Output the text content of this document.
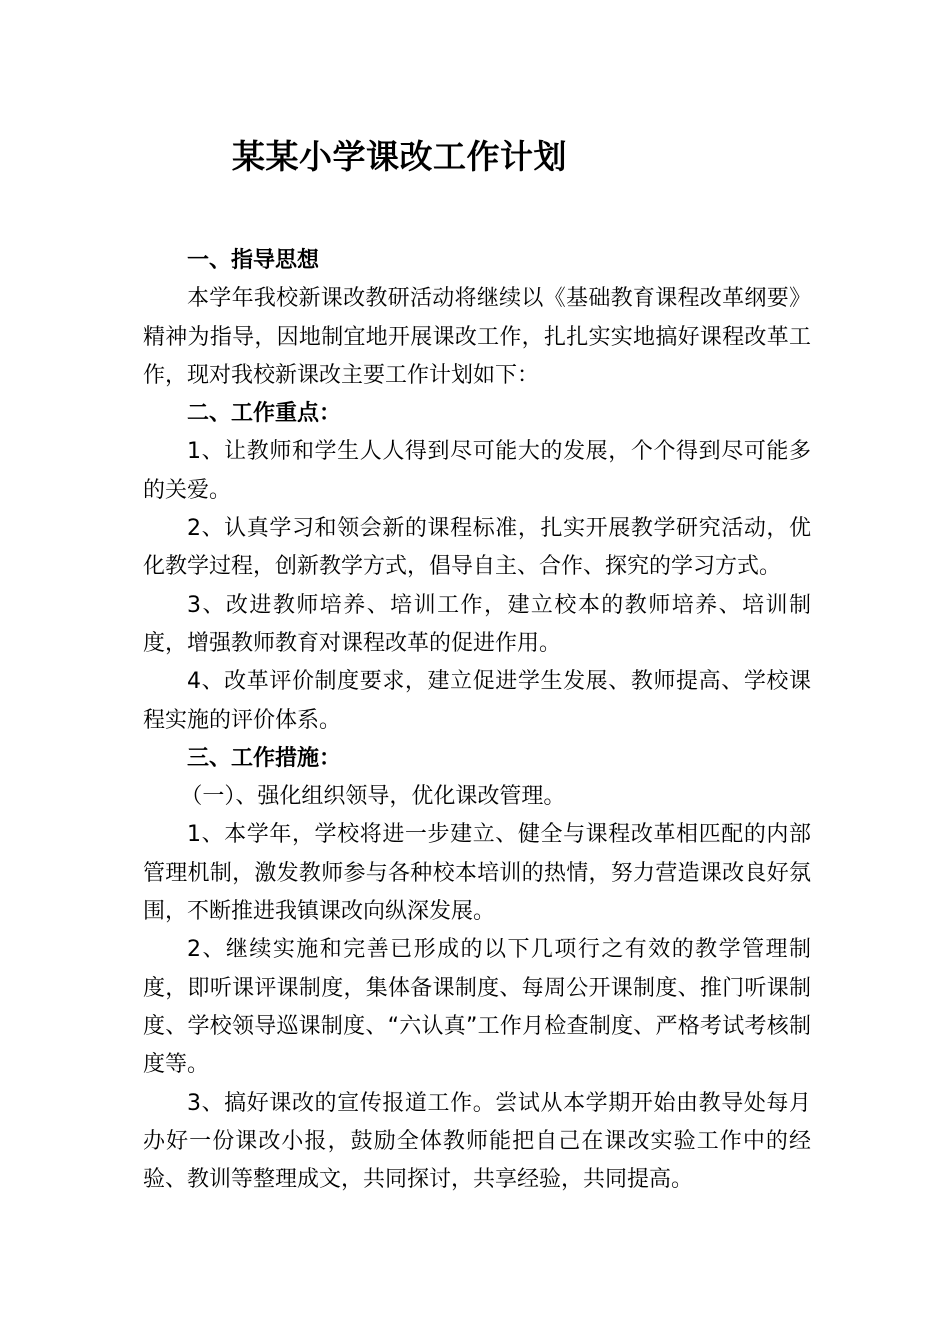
某某小学课改工作计划

一、指导思想

本学年我校新课改教研活动将继续以《基础教育课程改革纲要》精神为指导，因地制宜地开展课改工作，扎扎实实地搞好课程改革工作，现对我校新课改主要工作计划如下：

二、工作重点：

1、让教师和学生人人得到尽可能大的发展，个个得到尽可能多的关爱。

2、认真学习和领会新的课程标准，扎实开展教学研究活动，优化教学过程，创新教学方式，倡导自主、合作、探究的学习方式。

3、改进教师培养、培训工作，建立校本的教师培养、培训制度，增强教师教育对课程改革的促进作用。

4、改革评价制度要求，建立促进学生发展、教师提高、学校课程实施的评价体系。

三、工作措施：

（一）、强化组织领导，优化课改管理。

1、本学年，学校将进一步建立、健全与课程改革相匹配的内部管理机制，激发教师参与各种校本培训的热情，努力营造课改良好氛围，不断推进我镇课改向纵深发展。

2、继续实施和完善已形成的以下几项行之有效的教学管理制度，即听课评课制度，集体备课制度、每周公开课制度、推门听课制度、学校领导巡课制度、“六认真”工作月检查制度、严格考试考核制度等。

3、搞好课改的宣传报道工作。尝试从本学期开始由教导处每月办好一份课改小报，鼓励全体教师能把自己在课改实验工作中的经验、教训等整理成文，共同探讨，共享经验，共同提高。
